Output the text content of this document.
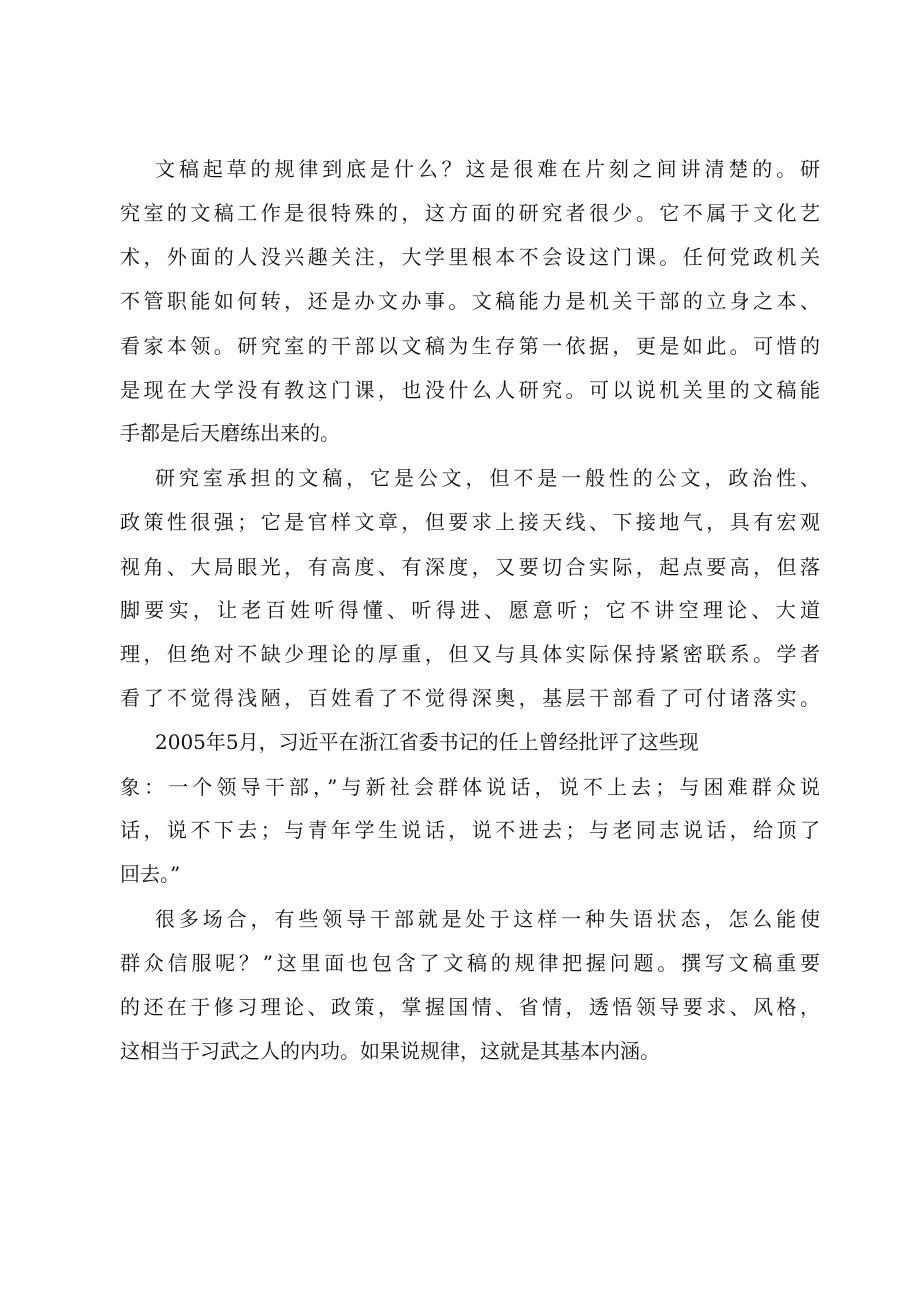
文稿起草的规律到底是什么？这是很难在片刻之间讲清楚的。研
究室的文稿工作是很特殊的，这方面的研究者很少。它不属于文化艺
术，外面的人没兴趣关注，大学里根本不会设这门课。任何党政机关
不管职能如何转，还是办文办事。文稿能力是机关干部的立身之本、
看家本领。研究室的干部以文稿为生存第一依据，更是如此。可惜的
是现在大学没有教这门课，也没什么人研究。可以说机关里的文稿能
手都是后天磨练出来的。
研究室承担的文稿，它是公文，但不是一般性的公文，政治性、
政策性很强；它是官样文章，但要求上接天线、下接地气，具有宏观
视角、大局眼光，有高度、有深度，又要切合实际，起点要高，但落
脚要实，让老百姓听得懂、听得进、愿意听；它不讲空理论、大道
理，但绝对不缺少理论的厚重，但又与具体实际保持紧密联系。学者
看了不觉得浅陋，百姓看了不觉得深奥，基层干部看了可付诸落实。
2005年5月，习近平在浙江省委书记的任上曾经批评了这些现
象：一个领导干部，”与新社会群体说话，说不上去；与困难群众说
话，说不下去；与青年学生说话，说不进去；与老同志说话，给顶了
回去。”
很多场合，有些领导干部就是处于这样一种失语状态，怎么能使
群众信服呢？”这里面也包含了文稿的规律把握问题。撰写文稿重要
的还在于修习理论、政策，掌握国情、省情，透悟领导要求、风格，
这相当于习武之人的内功。如果说规律，这就是其基本内涵。
